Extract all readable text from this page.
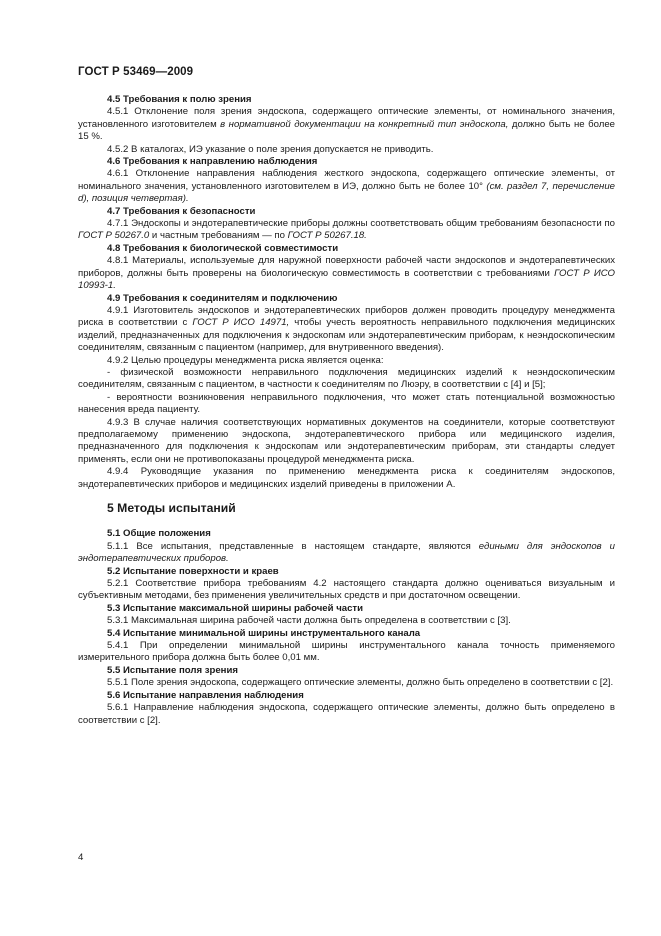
ГОСТ Р 53469—2009
4.5 Требования к полю зрения

4.5.1 Отклонение поля зрения эндоскопа, содержащего оптические элементы, от номинального значения, установленного изготовителем в нормативной документации на конкретный тип эндоскопа, должно быть не более 15 %.

4.5.2 В каталогах, ИЭ указание о поле зрения допускается не приводить.

4.6 Требования к направлению наблюдения

4.6.1 Отклонение направления наблюдения жесткого эндоскопа, содержащего оптические элементы, от номинального значения, установленного изготовителем в ИЭ, должно быть не более 10° (см. раздел 7, перечисление d), позиция четвертая).

4.7 Требования к безопасности

4.7.1 Эндоскопы и эндотерапевтические приборы должны соответствовать общим требованиям безопасности по ГОСТ Р 50267.0 и частным требованиям — по ГОСТ Р 50267.18.

4.8 Требования к биологической совместимости

4.8.1 Материалы, используемые для наружной поверхности рабочей части эндоскопов и эндотерапевтических приборов, должны быть проверены на биологическую совместимость в соответствии с требованиями ГОСТ Р ИСО 10993-1.

4.9 Требования к соединителям и подключению

4.9.1 Изготовитель эндоскопов и эндотерапевтических приборов должен проводить процедуру менеджмента риска в соответствии с ГОСТ Р ИСО 14971, чтобы учесть вероятность неправильного подключения медицинских изделий, предназначенных для подключения к эндоскопам или эндотерапевтическим приборам, к неэндоскопическим соединителям, связанным с пациентом (например, для внутривенного введения).

4.9.2 Целью процедуры менеджмента риска является оценка:

- физической возможности неправильного подключения медицинских изделий к неэндоскопическим соединителям, связанным с пациентом, в частности к соединителям по Люэру, в соответствии с [4] и [5];

- вероятности возникновения неправильного подключения, что может стать потенциальной возможностью нанесения вреда пациенту.

4.9.3 В случае наличия соответствующих нормативных документов на соединители, которые соответствуют предполагаемому применению эндоскопа, эндотерапевтического прибора или медицинского изделия, предназначенного для подключения к эндоскопам или эндотерапевтическим приборам, эти стандарты следует применять, если они не противопоказаны процедурой менеджмента риска.

4.9.4 Руководящие указания по применению менеджмента риска к соединителям эндоскопов, эндотерапевтических приборов и медицинских изделий приведены в приложении А.

5 Методы испытаний
5.1 Общие положения

5.1.1 Все испытания, представленные в настоящем стандарте, являются едиными для эндоскопов и эндотерапевтических приборов.

5.2 Испытание поверхности и краев

5.2.1 Соответствие прибора требованиям 4.2 настоящего стандарта должно оцениваться визуальным и субъективным методами, без применения увеличительных средств и при достаточном освещении.

5.3 Испытание максимальной ширины рабочей части

5.3.1 Максимальная ширина рабочей части должна быть определена в соответствии с [3].

5.4 Испытание минимальной ширины инструментального канала

5.4.1 При определении минимальной ширины инструментального канала точность применяемого измерительного прибора должна быть более 0,01 мм.

5.5 Испытание поля зрения

5.5.1 Поле зрения эндоскопа, содержащего оптические элементы, должно быть определено в соответствии с [2].

5.6 Испытание направления наблюдения

5.6.1 Направление наблюдения эндоскопа, содержащего оптические элементы, должно быть определено в соответствии с [2].

4
